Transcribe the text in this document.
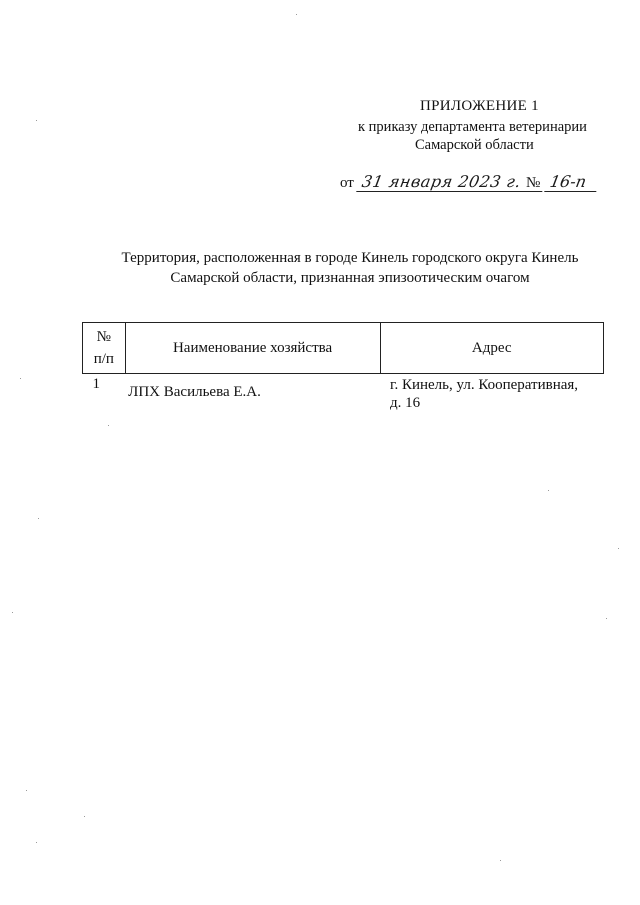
ПРИЛОЖЕНИЕ 1
к приказу департамента ветеринарии
Самарской области
от 31 января 2023 г. № 16-п
Территория, расположенная в городе Кинель городского округа Кинель
Самарской области, признанная эпизоотическим очагом
№
п/п	Наименование хозяйства	Адрес
1	ЛПХ Васильева Е.А.	г. Кинель, ул. Кооперативная,
д. 16
